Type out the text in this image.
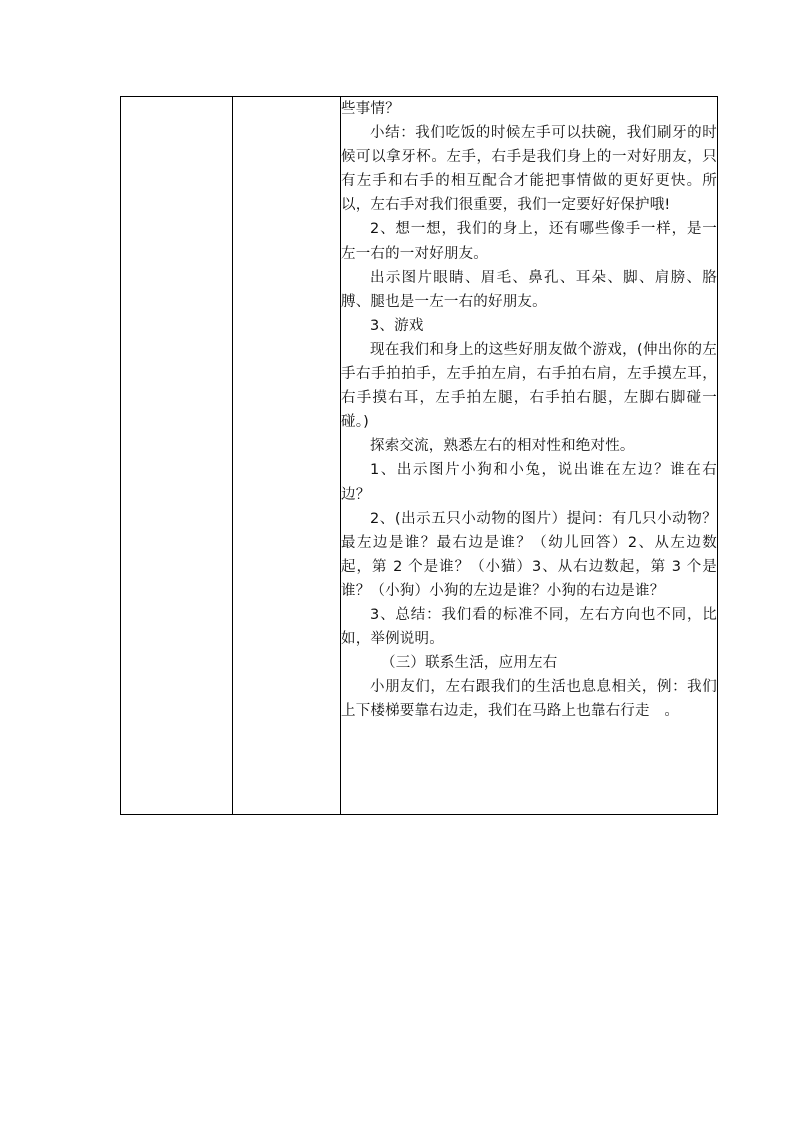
些事情？

小结：我们吃饭的时候左手可以扶碗，我们刷牙的时候可以拿牙杯。左手，右手是我们身上的一对好朋友，只有左手和右手的相互配合才能把事情做的更好更快。所以，左右手对我们很重要，我们一定要好好保护哦!

2、想一想，我们的身上，还有哪些像手一样，是一左一右的一对好朋友。

出示图片眼睛、眉毛、鼻孔、耳朵、脚、肩膀、胳膊、腿也是一左一右的好朋友。

3、游戏

现在我们和身上的这些好朋友做个游戏，(伸出你的左手右手拍拍手，左手拍左肩，右手拍右肩，左手摸左耳，右手摸右耳，左手拍左腿，右手拍右腿，左脚右脚碰一碰。)

探索交流，熟悉左右的相对性和绝对性。

1、出示图片小狗和小兔，说出谁在左边？谁在右边？

2、(出示五只小动物的图片）提问：有几只小动物？最左边是谁？最右边是谁？（幼儿回答）2、从左边数起，第 2 个是谁？（小猫）3、从右边数起，第 3 个是谁？（小狗）小狗的左边是谁？小狗的右边是谁？

3、总结：我们看的标准不同，左右方向也不同，比如，举例说明。

（三）联系生活，应用左右

小朋友们，左右跟我们的生活也息息相关，例：我们上下楼梯要靠右边走，我们在马路上也靠右行走　。
